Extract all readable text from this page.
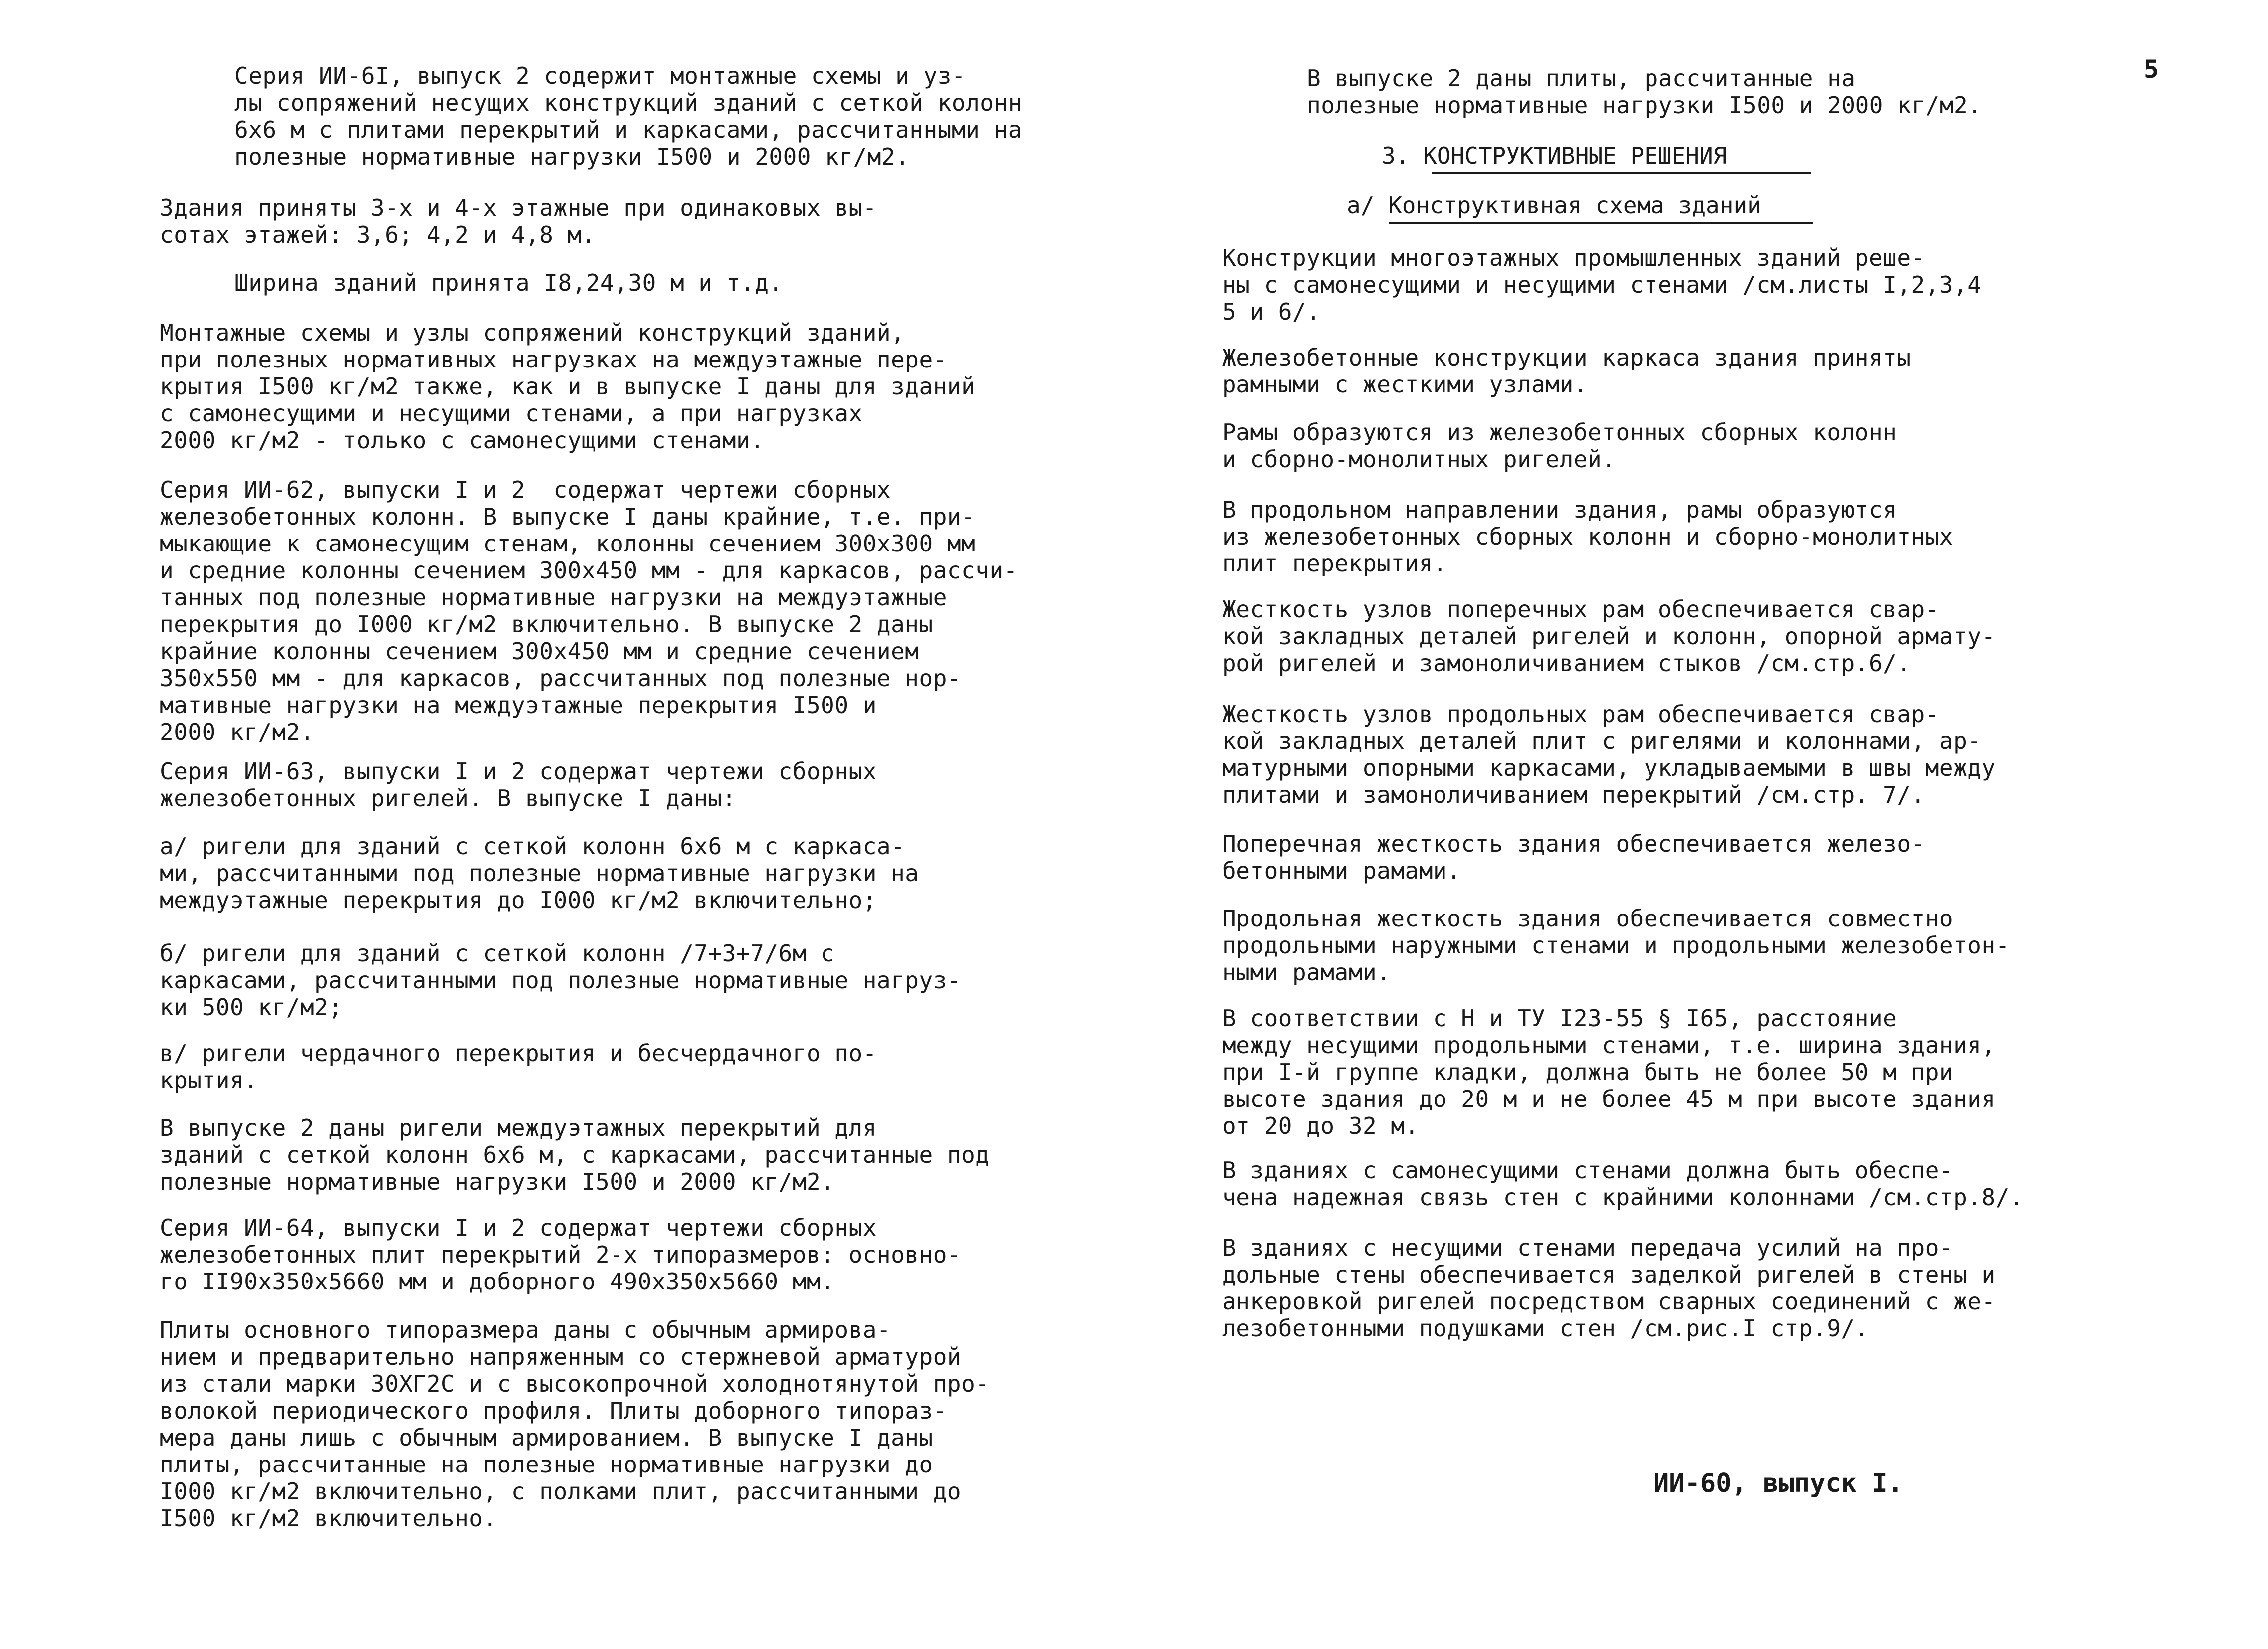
5

Серия ИИ-6I, выпуск 2 содержит монтажные схемы и уз-
лы сопряжений несущих конструкций зданий с сеткой колонн
6х6 м с плитами перекрытий и каркасами, рассчитанными на
полезные нормативные нагрузки I500 и 2000 кг/м2.

Здания приняты 3-х и 4-х этажные при одинаковых вы-
сотах этажей: 3,6; 4,2 и 4,8 м.

Ширина зданий принята I8,24,30 м и т.д.

Монтажные схемы и узлы сопряжений конструкций зданий,
при полезных нормативных нагрузках на междуэтажные пере-
крытия I500 кг/м2 также, как и в выпуске I даны для зданий
с самонесущими и несущими стенами, а при нагрузках
2000 кг/м2 - только с самонесущими стенами.

Серия ИИ-62, выпуски I и 2  содержат чертежи сборных
железобетонных колонн. В выпуске I даны крайние, т.е. при-
мыкающие к самонесущим стенам, колонны сечением 300х300 мм
и средние колонны сечением 300х450 мм - для каркасов, рассчи-
танных под полезные нормативные нагрузки на междуэтажные
перекрытия до I000 кг/м2 включительно. В выпуске 2 даны
крайние колонны сечением 300х450 мм и средние сечением
350х550 мм - для каркасов, рассчитанных под полезные нор-
мативные нагрузки на междуэтажные перекрытия I500 и
2000 кг/м2.

Серия ИИ-63, выпуски I и 2 содержат чертежи сборных
железобетонных ригелей. В выпуске I даны:

а/ ригели для зданий с сеткой колонн 6х6 м с каркаса-
ми, рассчитанными под полезные нормативные нагрузки на
междуэтажные перекрытия до I000 кг/м2 включительно;

б/ ригели для зданий с сеткой колонн /7+3+7/6м с
каркасами, рассчитанными под полезные нормативные нагруз-
ки 500 кг/м2;

в/ ригели чердачного перекрытия и бесчердачного по-
крытия.

В выпуске 2 даны ригели междуэтажных перекрытий для
зданий с сеткой колонн 6х6 м, с каркасами, рассчитанные под
полезные нормативные нагрузки I500 и 2000 кг/м2.

Серия ИИ-64, выпуски I и 2 содержат чертежи сборных
железобетонных плит перекрытий 2-х типоразмеров: основно-
го II90х350х5660 мм и доборного 490х350х5660 мм.

Плиты основного типоразмера даны с обычным армирова-
нием и предварительно напряженным со стержневой арматурой
из стали марки 30ХГ2С и с высокопрочной холоднотянутой про-
волокой периодического профиля. Плиты доборного типораз-
мера даны лишь с обычным армированием. В выпуске I даны
плиты, рассчитанные на полезные нормативные нагрузки до
I000 кг/м2 включительно, с полками плит, рассчитанными до
I500 кг/м2 включительно.

В выпуске 2 даны плиты, рассчитанные на
полезные нормативные нагрузки I500 и 2000 кг/м2.

3. КОНСТРУКТИВНЫЕ РЕШЕНИЯ
а/ Конструктивная схема зданий

Конструкции многоэтажных промышленных зданий реше-
ны с самонесущими и несущими стенами /см.листы I,2,3,4
5 и 6/.

Железобетонные конструкции каркаса здания приняты
рамными с жесткими узлами.

Рамы образуются из железобетонных сборных колонн
и сборно-монолитных ригелей.

В продольном направлении здания, рамы образуются
из железобетонных сборных колонн и сборно-монолитных
плит перекрытия.

Жесткость узлов поперечных рам обеспечивается свар-
кой закладных деталей ригелей и колонн, опорной армату-
рой ригелей и замоноличиванием стыков /см.стр.6/.

Жесткость узлов продольных рам обеспечивается свар-
кой закладных деталей плит с ригелями и колоннами, ар-
матурными опорными каркасами, укладываемыми в швы между
плитами и замоноличиванием перекрытий /см.стр. 7/.

Поперечная жесткость здания обеспечивается железо-
бетонными рамами.

Продольная жесткость здания обеспечивается совместно
продольными наружными стенами и продольными железобетон-
ными рамами.

В соответствии с Н и ТУ I23-55 § I65, расстояние
между несущими продольными стенами, т.е. ширина здания,
при I-й группе кладки, должна быть не более 50 м при
высоте здания до 20 м и не более 45 м при высоте здания
от 20 до 32 м.

В зданиях с самонесущими стенами должна быть обеспе-
чена надежная связь стен с крайними колоннами /см.стр.8/.

В зданиях с несущими стенами передача усилий на про-
дольные стены обеспечивается заделкой ригелей в стены и
анкеровкой ригелей посредством сварных соединений с же-
лезобетонными подушками стен /см.рис.I стр.9/.

ИИ-60, выпуск I.
